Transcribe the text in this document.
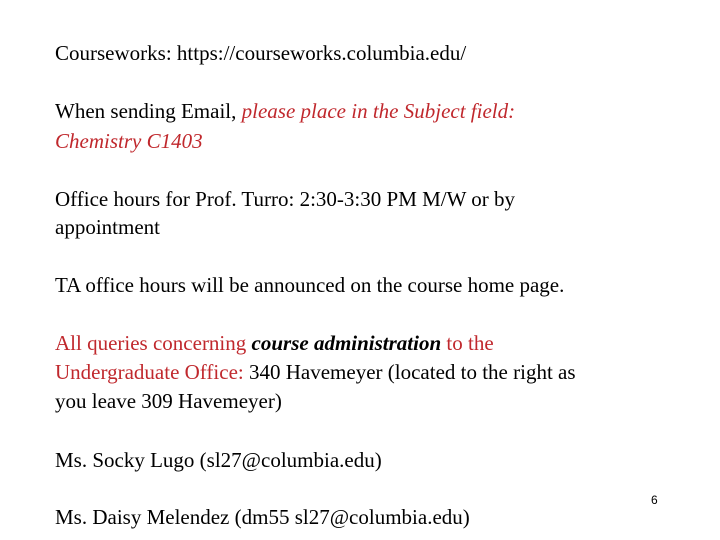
Courseworks: https://courseworks.columbia.edu/
When sending Email, please place in the Subject field:
Chemistry C1403
Office hours for Prof. Turro: 2:30-3:30 PM M/W or by
appointment
TA office hours will be announced on the course home page.
All queries concerning course administration to the
Undergraduate Office: 340 Havemeyer (located to the right as
you leave 309 Havemeyer)
Ms. Socky Lugo (sl27@columbia.edu)
Ms. Daisy Melendez (dm55 sl27@columbia.edu)
6
